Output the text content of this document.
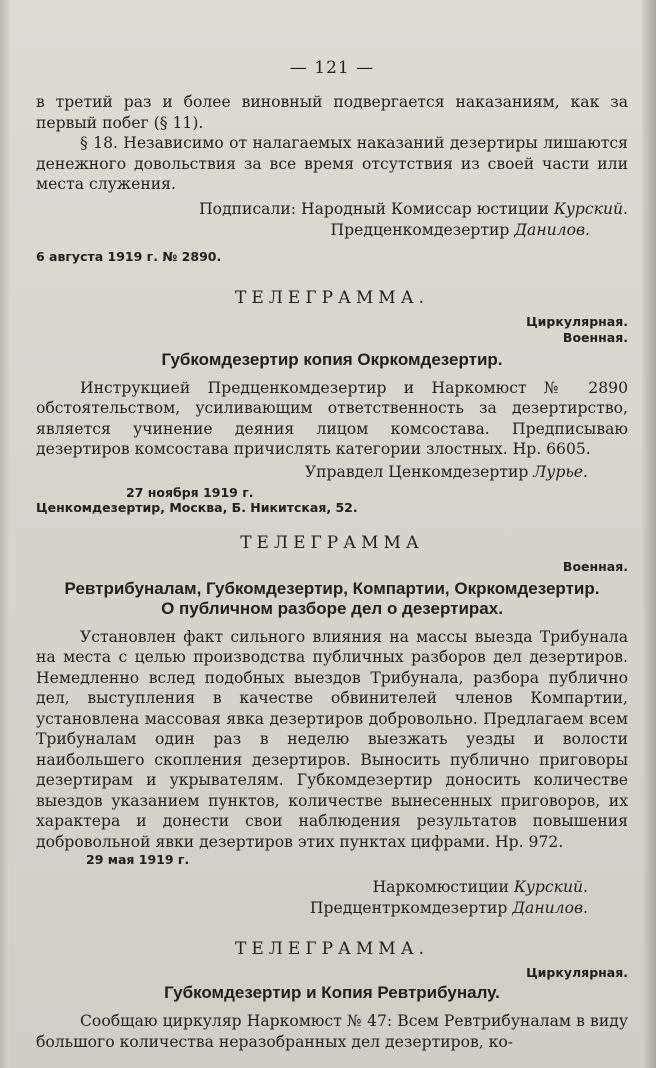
— 121 —

в третий раз и более виновный подвергается наказаниям, как за первый побег (§ 11).

§ 18. Независимо от налагаемых наказаний дезертиры лишаются денежного довольствия за все время отсутствия из своей части или места служения.

Подписали: Народный Комиссар юстиции Курский.

Предценкомдезертир Данилов.

6 августа 1919 г. № 2890.

ТЕЛЕГРАММА.

Циркулярная.
Военная.

Губкомдезертир копия Окркомдезертир.

Инструкцией Предценкомдезертир и Наркомюст № 2890 обстоятельством, усиливающим ответственность за дезертирство, является учинение деяния лицом комсостава. Предписываю дезертиров комсостава причислять категории злостных. Нр. 6605.

Управдел Ценкомдезертир Лурье.

27 ноября 1919 г.

Ценкомдезертир, Москва, Б. Никитская, 52.

ТЕЛЕГРАММА

Военная.

Ревтрибуналам, Губкомдезертир, Компартии, Окркомдезертир.

О публичном разборе дел о дезертирах.

Установлен факт сильного влияния на массы выезда Трибунала на места с целью производства публичных разборов дел дезертиров. Немедленно вслед подобных выездов Трибунала, разбора публично дел, выступления в качестве обвинителей членов Компартии, установлена массовая явка дезертиров добровольно. Предлагаем всем Трибуналам один раз в неделю выезжать уезды и волости наибольшего скопления дезертиров. Выносить публично приговоры дезертирам и укрывателям. Губкомдезертир доносить количестве выездов указанием пунктов, количестве вынесенных приговоров, их характера и донести свои наблюдения результатов повышения добровольной явки дезертиров этих пунктах цифрами. Нр. 972.

29 мая 1919 г.

Наркомюстиции Курский.

Предцентркомдезертир Данилов.

ТЕЛЕГРАММА.

Циркулярная.

Губкомдезертир и Копия Ревтрибуналу.

Сообщаю циркуляр Наркомюст № 47: Всем Ревтрибуналам в виду большого количества неразобранных дел дезертиров, ко-
